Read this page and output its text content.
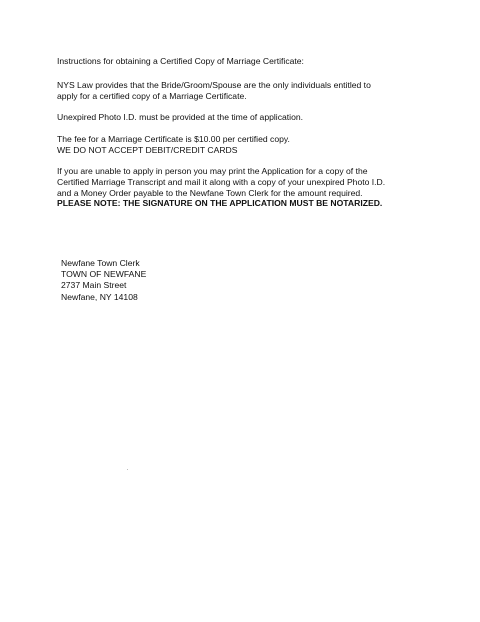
Instructions for obtaining a Certified Copy of Marriage Certificate:
NYS Law provides that the Bride/Groom/Spouse are the only individuals entitled to
apply for a certified copy of a Marriage Certificate.
Unexpired Photo I.D. must be provided at the time of application.
The fee for a Marriage Certificate is $10.00 per certified copy.
WE DO NOT ACCEPT DEBIT/CREDIT CARDS
If you are unable to apply in person you may print the Application for a copy of the
Certified Marriage Transcript and mail it along with a copy of your unexpired Photo I.D.
and a Money Order payable to the Newfane Town Clerk for the amount required.
PLEASE NOTE: THE SIGNATURE ON THE APPLICATION MUST BE NOTARIZED.
Newfane Town Clerk
TOWN OF NEWFANE
2737 Main Street
Newfane, NY 14108
